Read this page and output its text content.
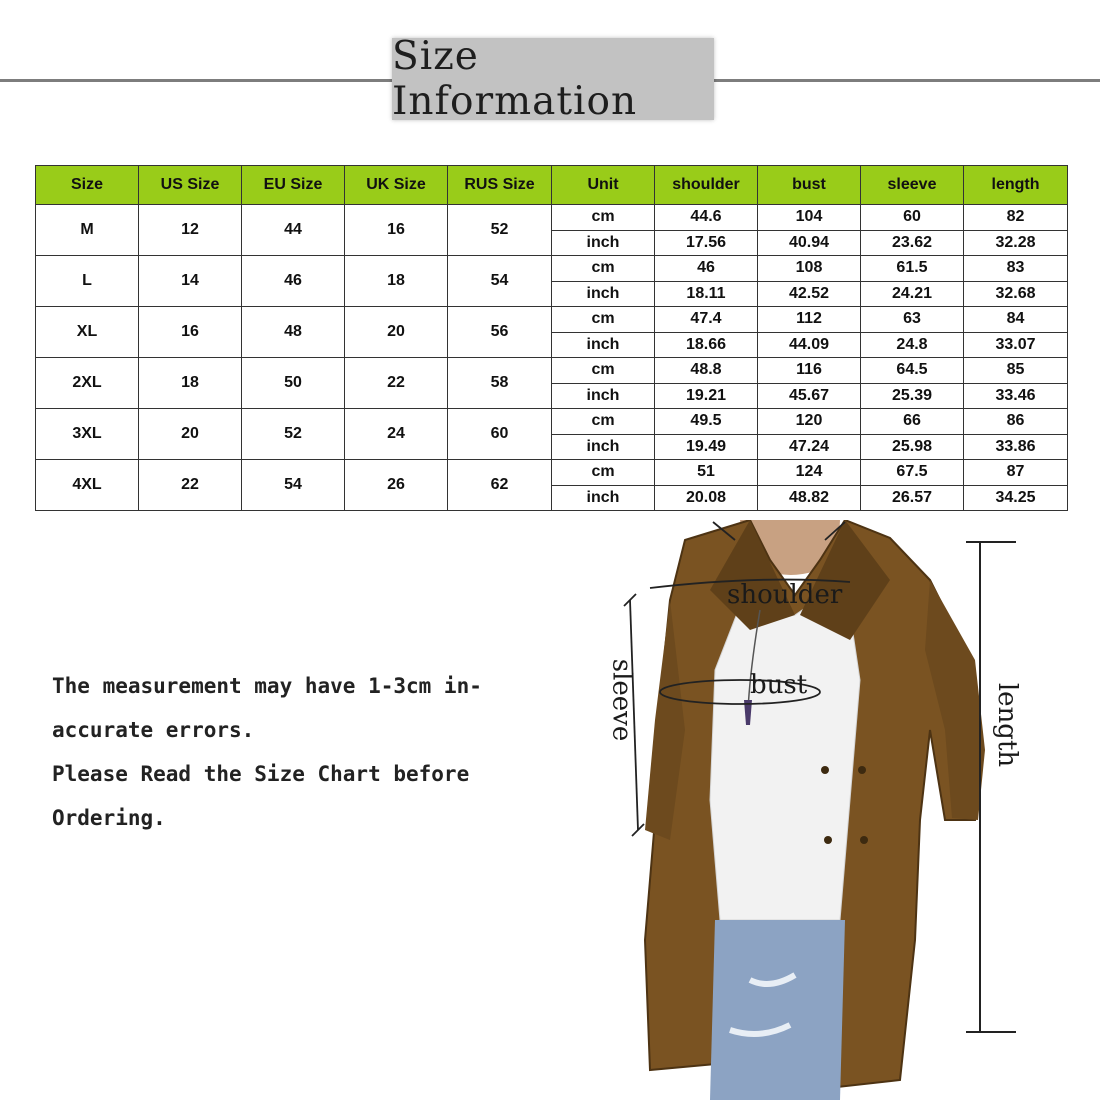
Size Information
Size	US Size	EU Size	UK Size	RUS Size	Unit	shoulder	bust	sleeve	length
M	12	44	16	52	cm	44.6	104	60	82
					inch	17.56	40.94	23.62	32.28
L	14	46	18	54	cm	46	108	61.5	83
					inch	18.11	42.52	24.21	32.68
XL	16	48	20	56	cm	47.4	112	63	84
					inch	18.66	44.09	24.8	33.07
2XL	18	50	22	58	cm	48.8	116	64.5	85
					inch	19.21	45.67	25.39	33.46
3XL	20	52	24	60	cm	49.5	120	66	86
					inch	19.49	47.24	25.98	33.86
4XL	22	54	26	62	cm	51	124	67.5	87
					inch	20.08	48.82	26.57	34.25
The measurement may have 1-3cm in-
accurate errors.
Please Read the Size Chart before
Ordering.
shoulder
bust
sleeve	length
